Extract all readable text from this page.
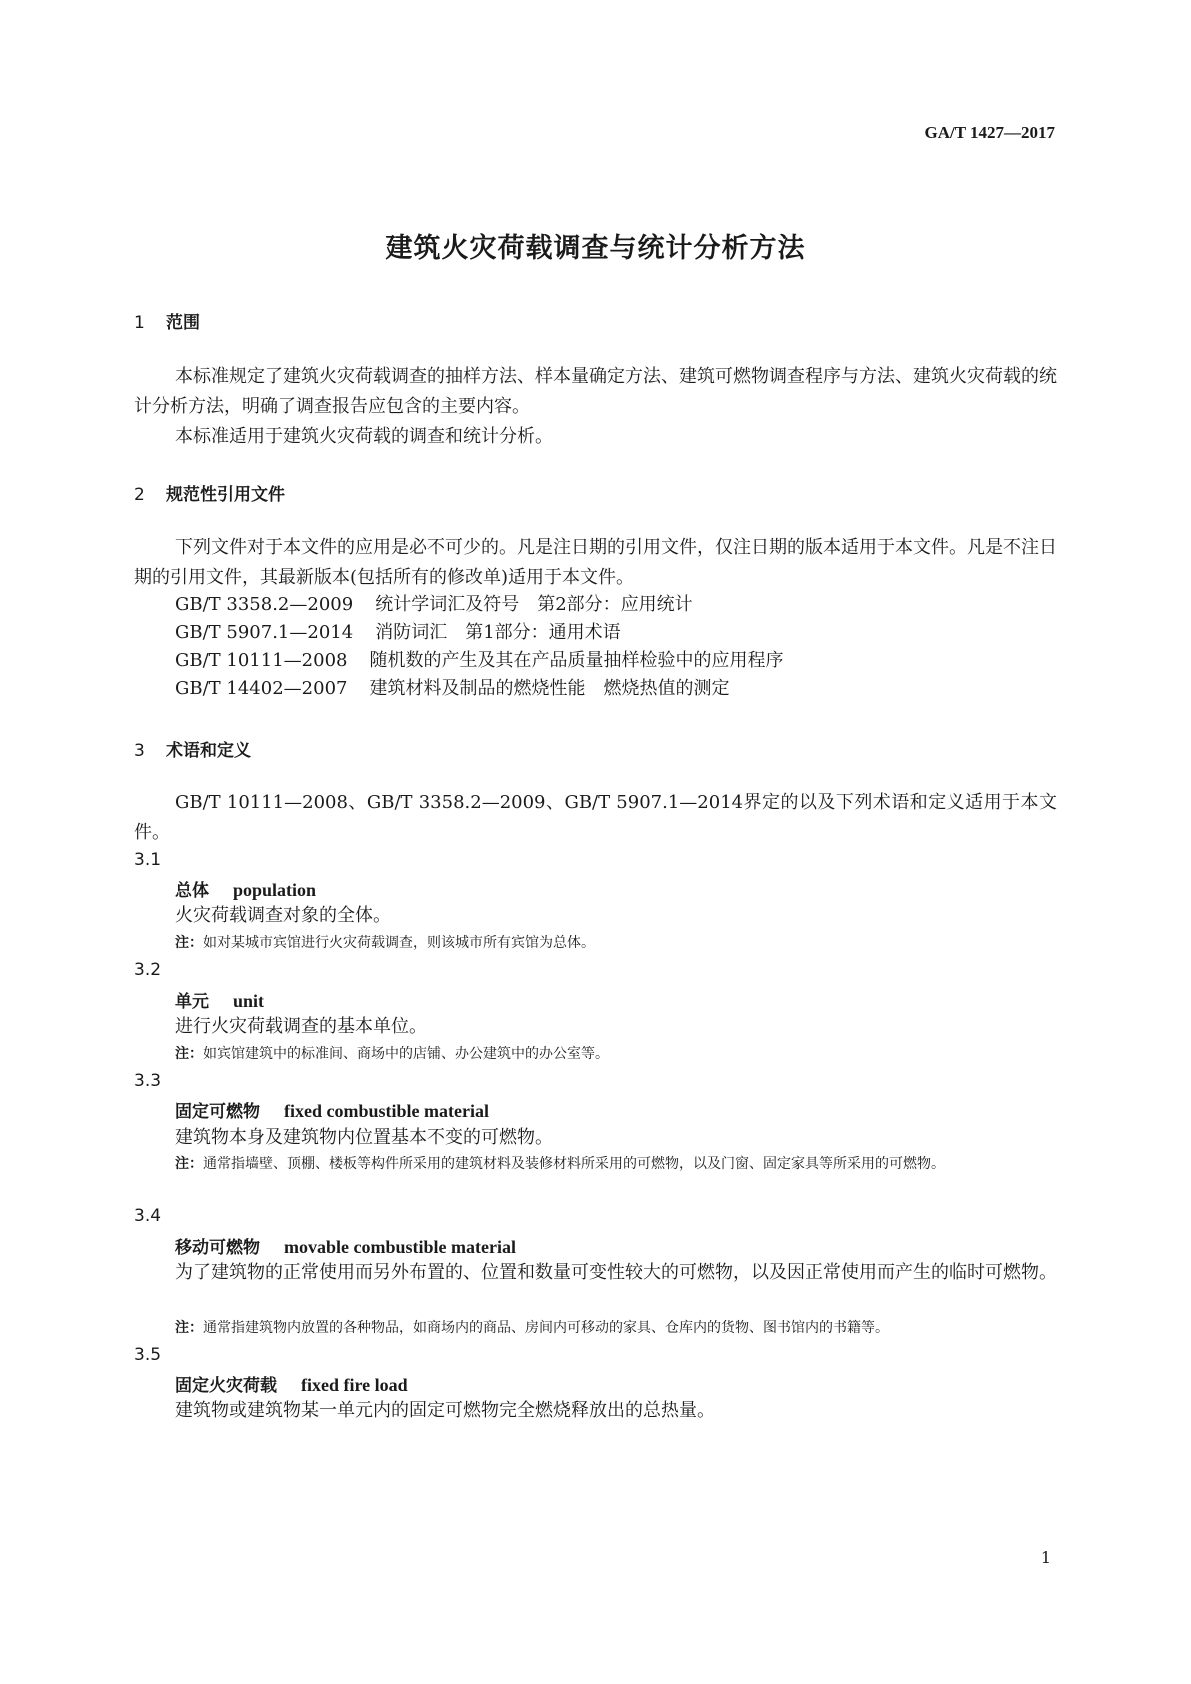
GA/T 1427—2017
建筑火灾荷载调查与统计分析方法
1 范围
本标准规定了建筑火灾荷载调查的抽样方法、样本量确定方法、建筑可燃物调查程序与方法、建筑火灾荷载的统计分析方法，明确了调查报告应包含的主要内容。
本标准适用于建筑火灾荷载的调查和统计分析。
2 规范性引用文件
下列文件对于本文件的应用是必不可少的。凡是注日期的引用文件，仅注日期的版本适用于本文件。凡是不注日期的引用文件，其最新版本(包括所有的修改单)适用于本文件。
GB/T 3358.2—2009 统计学词汇及符号　第2部分：应用统计
GB/T 5907.1—2014 消防词汇　第1部分：通用术语
GB/T 10111—2008 随机数的产生及其在产品质量抽样检验中的应用程序
GB/T 14402—2007 建筑材料及制品的燃烧性能　燃烧热值的测定
3 术语和定义
GB/T 10111—2008、GB/T 3358.2—2009、GB/T 5907.1—2014界定的以及下列术语和定义适用于本文件。
3.1
总体 population
火灾荷载调查对象的全体。
注：如对某城市宾馆进行火灾荷载调查，则该城市所有宾馆为总体。
3.2
单元 unit
进行火灾荷载调查的基本单位。
注：如宾馆建筑中的标准间、商场中的店铺、办公建筑中的办公室等。
3.3
固定可燃物 fixed combustible material
建筑物本身及建筑物内位置基本不变的可燃物。
注：通常指墙壁、顶棚、楼板等构件所采用的建筑材料及装修材料所采用的可燃物，以及门窗、固定家具等所采用的可燃物。
3.4
移动可燃物 movable combustible material
为了建筑物的正常使用而另外布置的、位置和数量可变性较大的可燃物，以及因正常使用而产生的临时可燃物。
注：通常指建筑物内放置的各种物品，如商场内的商品、房间内可移动的家具、仓库内的货物、图书馆内的书籍等。
3.5
固定火灾荷载 fixed fire load
建筑物或建筑物某一单元内的固定可燃物完全燃烧释放出的总热量。
1
